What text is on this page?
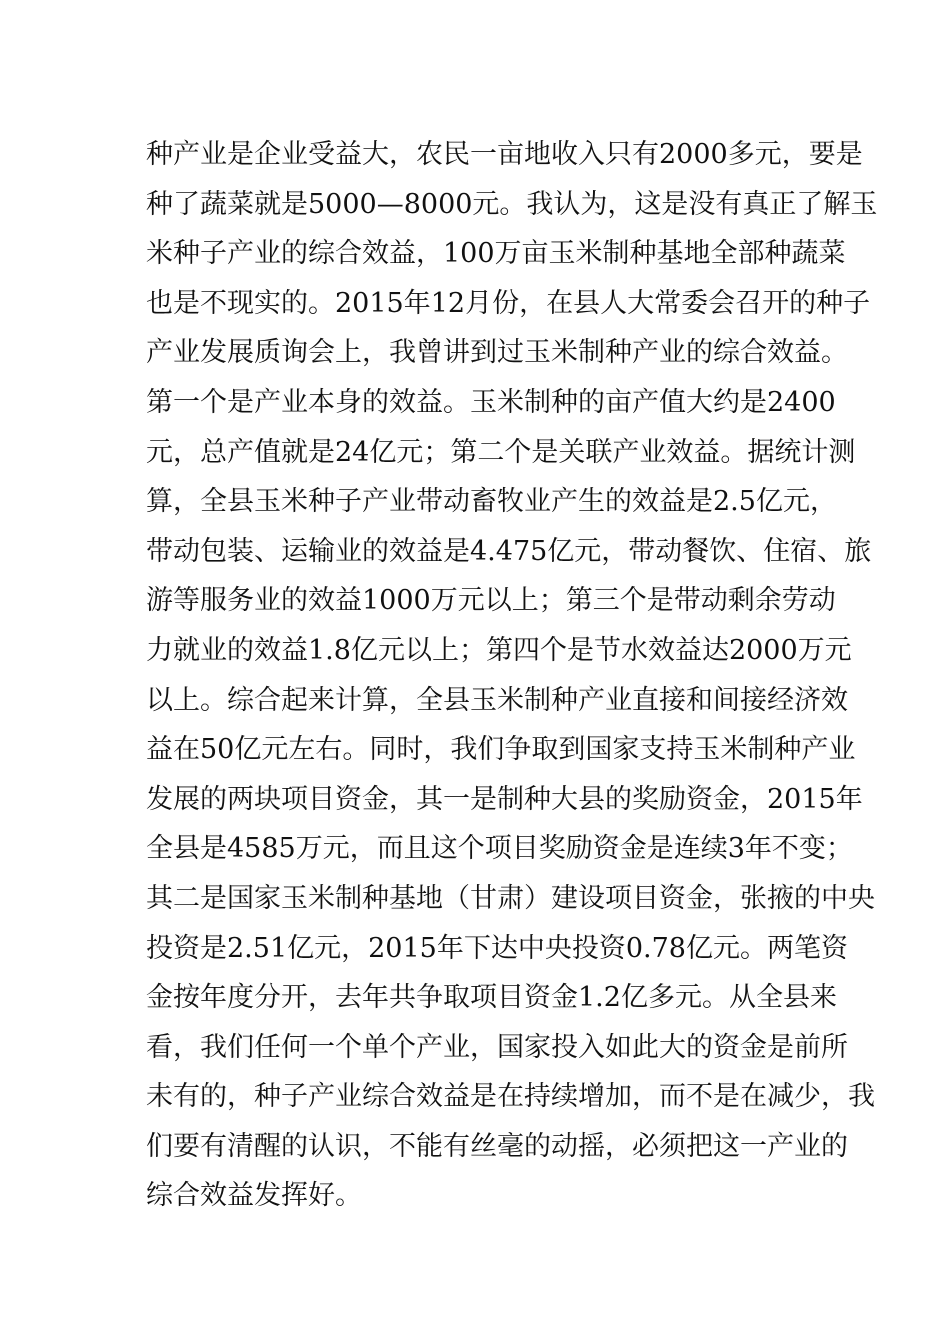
种产业是企业受益大，农民一亩地收入只有2000多元，要是
种了蔬菜就是5000—8000元。我认为，这是没有真正了解玉
米种子产业的综合效益，100万亩玉米制种基地全部种蔬菜
也是不现实的。2015年12月份，在县人大常委会召开的种子
产业发展质询会上，我曾讲到过玉米制种产业的综合效益。
第一个是产业本身的效益。玉米制种的亩产值大约是2400
元，总产值就是24亿元；第二个是关联产业效益。据统计测
算，全县玉米种子产业带动畜牧业产生的效益是2.5亿元，
带动包装、运输业的效益是4.475亿元，带动餐饮、住宿、旅
游等服务业的效益1000万元以上；第三个是带动剩余劳动
力就业的效益1.8亿元以上；第四个是节水效益达2000万元
以上。综合起来计算，全县玉米制种产业直接和间接经济效
益在50亿元左右。同时，我们争取到国家支持玉米制种产业
发展的两块项目资金，其一是制种大县的奖励资金，2015年
全县是4585万元，而且这个项目奖励资金是连续3年不变；
其二是国家玉米制种基地（甘肃）建设项目资金，张掖的中央
投资是2.51亿元，2015年下达中央投资0.78亿元。两笔资
金按年度分开，去年共争取项目资金1.2亿多元。从全县来
看，我们任何一个单个产业，国家投入如此大的资金是前所
未有的，种子产业综合效益是在持续增加，而不是在减少，我
们要有清醒的认识，不能有丝毫的动摇，必须把这一产业的
综合效益发挥好。
